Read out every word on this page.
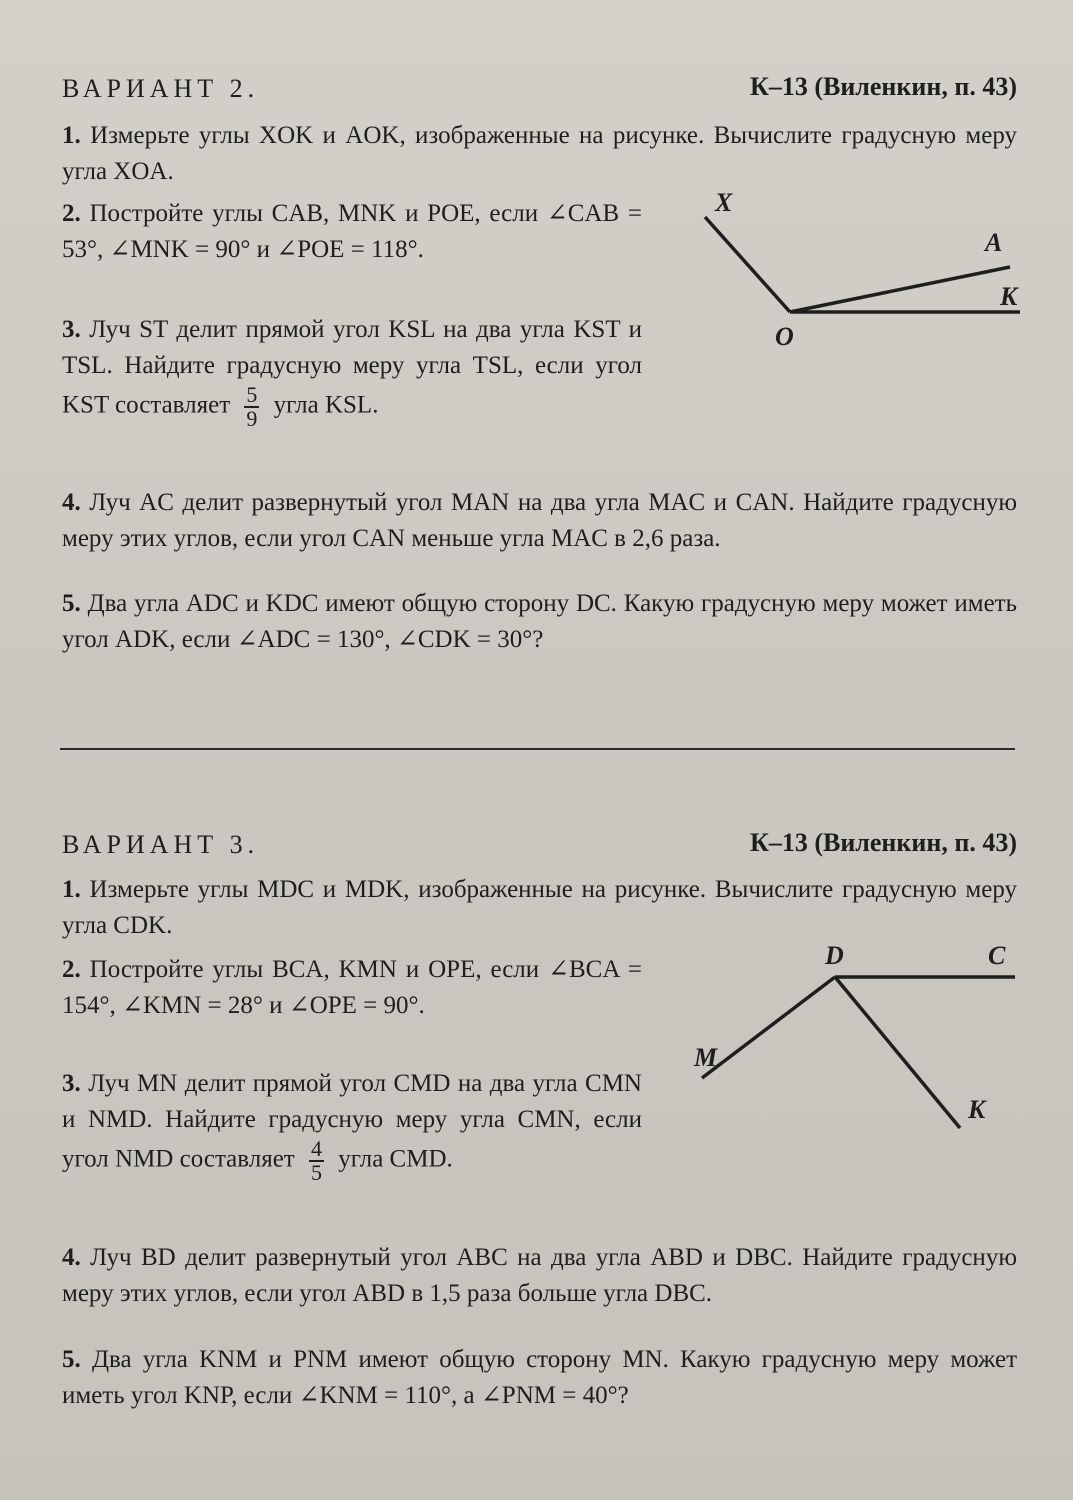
ВАРИАНТ 2.	К–13 (Виленкин, п. 43)
1. Измерьте углы XOK и AOK, изображенные на рисунке. Вычислите градусную меру угла XOA.
2. Постройте углы CAB, MNK и POE, если ∠CAB = 53°, ∠MNK = 90° и ∠POE = 118°.
3. Луч ST делит прямой угол KSL на два угла KST и TSL. Найдите градусную меру угла TSL, если угол KST составляет $\frac{5}{9}$ угла KSL.
X
A
K
O
4. Луч AC делит развернутый угол MAN на два угла MAC и CAN. Найдите градусную меру этих углов, если угол CAN меньше угла MAC в 2,6 раза.
5. Два угла ADC и KDC имеют общую сторону DC. Какую градусную меру может иметь угол ADK, если ∠ADC = 130°, ∠CDK = 30°?
ВАРИАНТ 3.	К–13 (Виленкин, п. 43)
1. Измерьте углы MDC и MDK, изображенные на рисунке. Вычислите градусную меру угла CDK.
2. Постройте углы BCA, KMN и OPE, если ∠BCA = 154°, ∠KMN = 28° и ∠OPE = 90°.
3. Луч MN делит прямой угол CMD на два угла CMN и NMD. Найдите градусную меру угла CMN, если угол NMD составляет $\frac{4}{5}$ угла CMD.
D	C
M
K
4. Луч BD делит развернутый угол ABC на два угла ABD и DBC. Найдите градусную меру этих углов, если угол ABD в 1,5 раза больше угла DBC.
5. Два угла KNM и PNM имеют общую сторону MN. Какую градусную меру может иметь угол KNP, если ∠KNM = 110°, а ∠PNM = 40°?
